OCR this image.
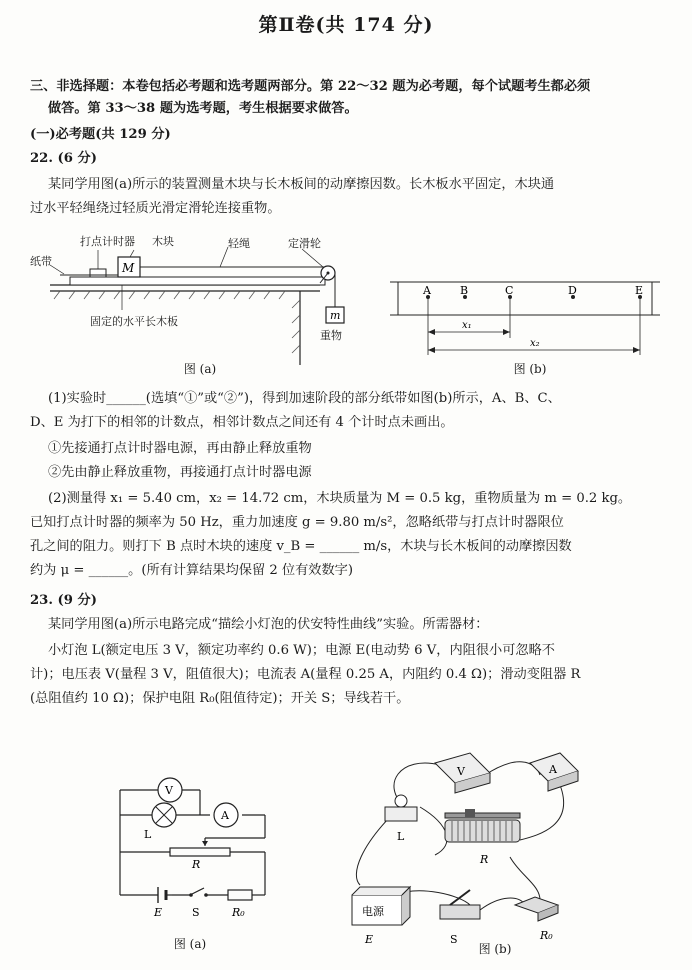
第Ⅱ卷(共 174 分)
三、非选择题：本卷包括必考题和选考题两部分。第 22～32 题为必考题，每个试题考生都必须
做答。第 33～38 题为选考题，考生根据要求做答。
(一)必考题(共 129 分)
22. (6 分)
某同学用图(a)所示的装置测量木块与长木板间的动摩擦因数。长木板水平固定，木块通
过水平轻绳绕过轻质光滑定滑轮连接重物。
M
m
打点计时器 木块	轻绳	定滑轮
纸带
固定的水平长木板
重物
图 (a)
A	B	C	D	E
x₁
x₂
图 (b)
(1)实验时______(选填“①”或“②”)，得到加速阶段的部分纸带如图(b)所示，A、B、C、
D、E 为打下的相邻的计数点，相邻计数点之间还有 4 个计时点未画出。
①先接通打点计时器电源，再由静止释放重物
②先由静止释放重物，再接通打点计时器电源
(2)测量得 x₁ = 5.40 cm，x₂ = 14.72 cm，木块质量为 M = 0.5 kg，重物质量为 m = 0.2 kg。
已知打点计时器的频率为 50 Hz，重力加速度 g = 9.80 m/s²，忽略纸带与打点计时器限位
孔之间的阻力。则打下 B 点时木块的速度 v_B = ______ m/s，木块与长木板间的动摩擦因数
约为 μ = ______。(所有计算结果均保留 2 位有效数字)
23. (9 分)
某同学用图(a)所示电路完成“描绘小灯泡的伏安特性曲线”实验。所需器材：
小灯泡 L(额定电压 3 V，额定功率约 0.6 W)；电源 E(电动势 6 V，内阻很小可忽略不
计)；电压表 V(量程 3 V，阻值很大)；电流表 A(量程 0.25 A，内阻约 0.4 Ω)；滑动变阻器 R
(总阻值约 10 Ω)；保护电阻 R₀(阻值待定)；开关 S；导线若干。
V
A
L
R
E	S	R₀
图 (a)
V	A
L
R
电源
E	S	R₀
图 (b)
